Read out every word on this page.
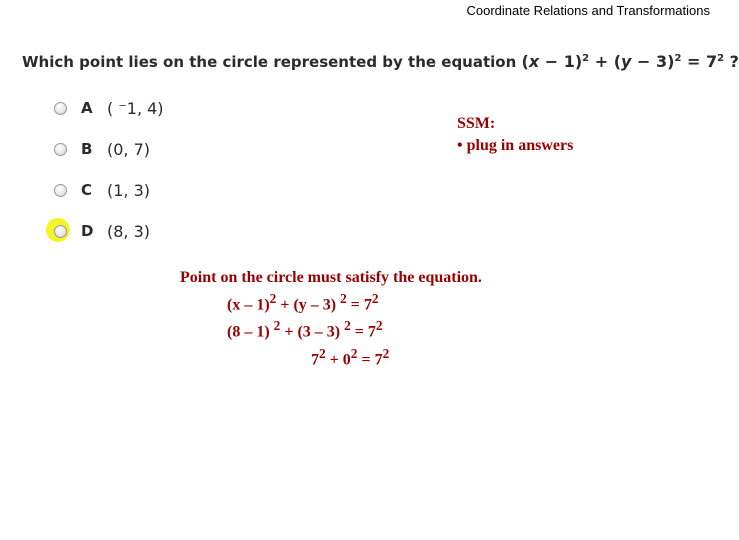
Coordinate Relations and Transformations
Which point lies on the circle represented by the equation $(x - 1)^2 + (y - 3)^2 = 7^2$ ?
A ( ⁻1, 4)
B (0, 7)
C (1, 3)
D (8, 3)
SSM:
• plug in answers
Point on the circle must satisfy the equation.
(x – 1)$^2$ + (y – 3) $^2 = 7^2$
(8 – 1) $^2$ + (3 – 3) $^2 = 7^2$
$7^2 + 0^2 = 7^2$
